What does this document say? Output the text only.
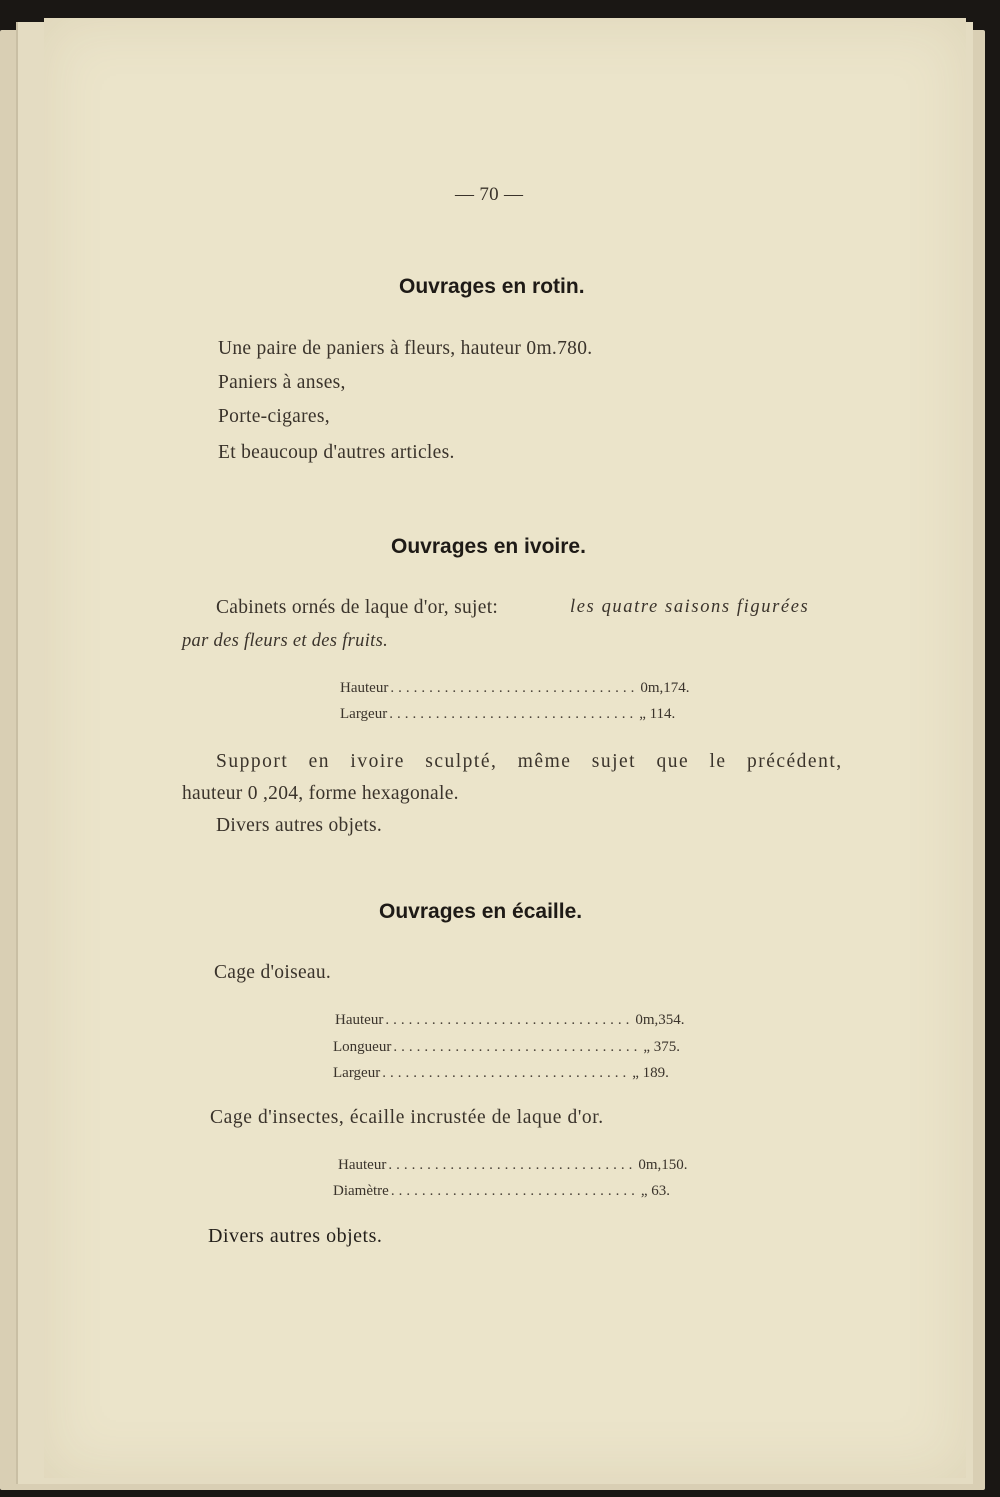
— 70 —
Ouvrages en rotin.
Une paire de paniers à fleurs, hauteur 0m.780.
Paniers à anses,
Porte-cigares,
Et beaucoup d'autres articles.
Ouvrages en ivoire.
Cabinets ornés de laque d'or, sujet:	les quatre saisons figurées
par des fleurs et des fruits.
Hauteur ................................ 0m,174.
Largeur ................................ „ 114.
Support en ivoire sculpté, même sujet que le précédent,
hauteur 0 ,204, forme hexagonale.
Divers autres objets.
Ouvrages en écaille.
Cage d'oiseau.
Hauteur ................................ 0m,354.
Longueur ................................ „ 375.
Largeur ................................ „ 189.
Cage d'insectes, écaille incrustée de laque d'or.
Hauteur ................................ 0m,150.
Diamètre ................................ „ 63.
Divers autres objets.
